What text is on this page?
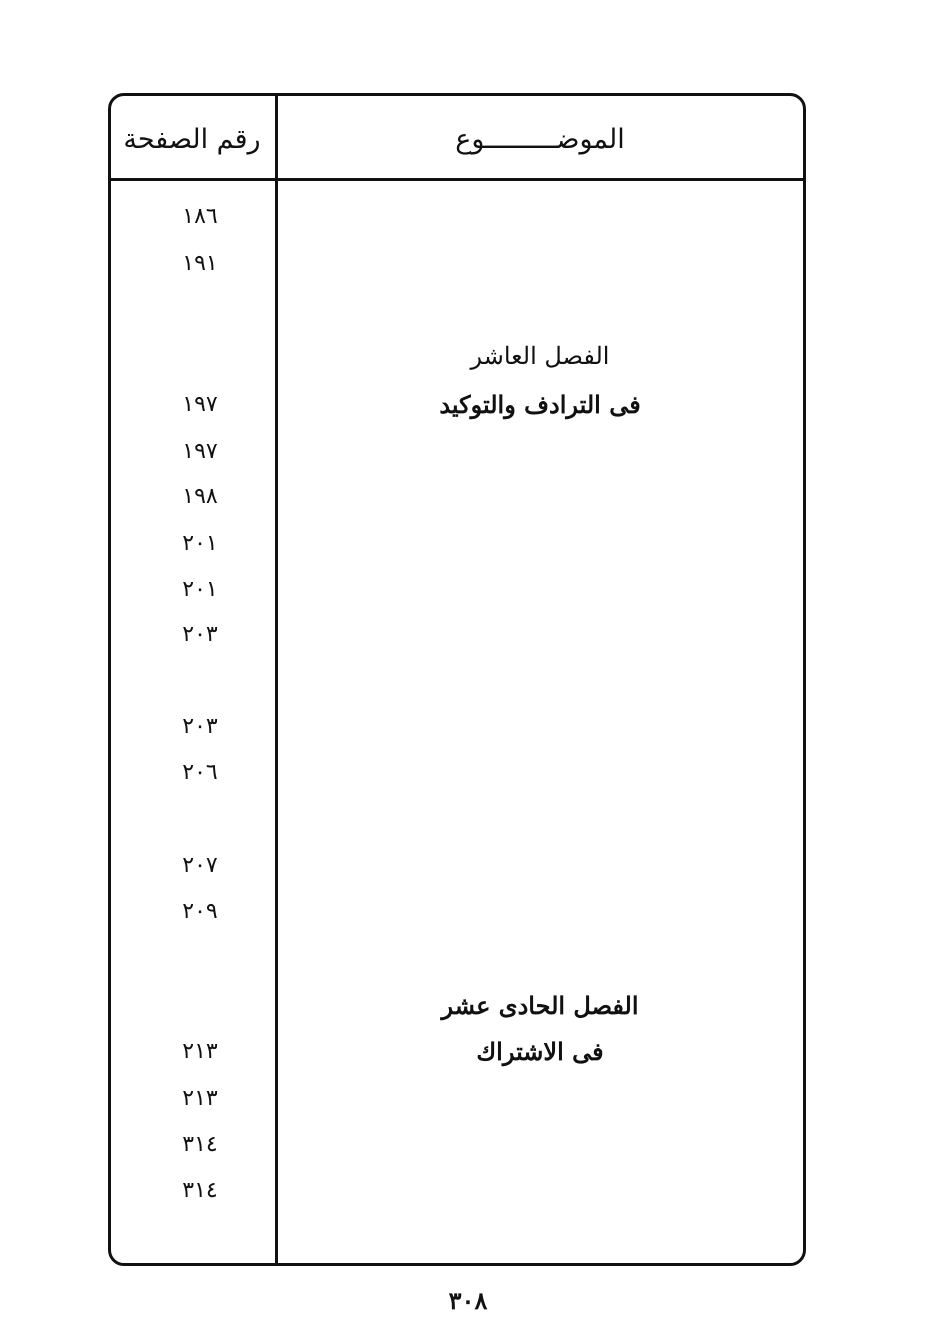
الموضـــــــــوع
رقم الصفحة
١٨٦
١٩١
الفصل العاشر
فى الترادف والتوكيد
١٩٧
١٩٧
١٩٨
٢٠١
٢٠١
٢٠٣
٢٠٣
٢٠٦
٢٠٧
٢٠٩
الفصل الحادى عشر
فى الاشتراك
٢١٣
٢١٣
٣١٤
٣١٤
٣٠٨
